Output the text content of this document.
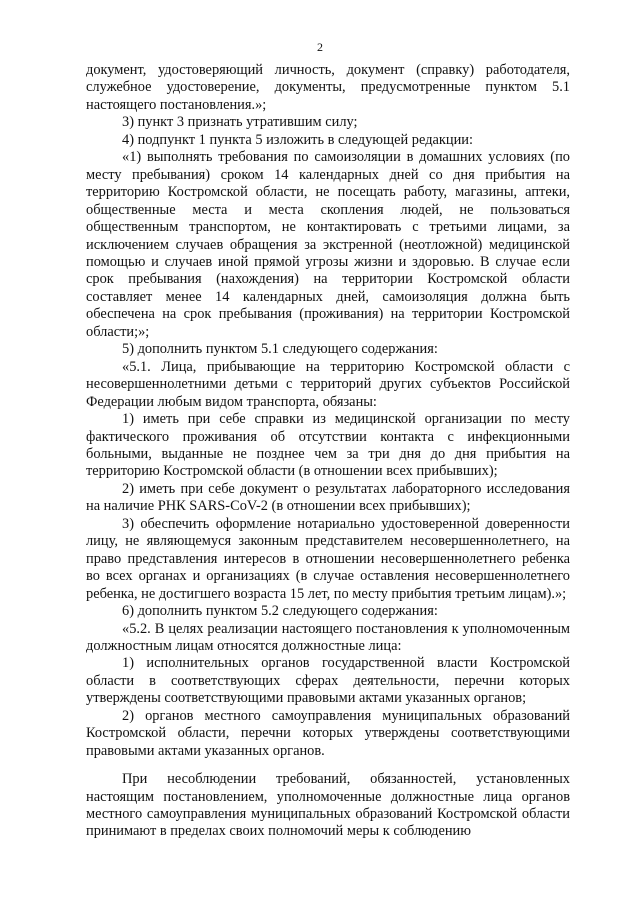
2

документ, удостоверяющий личность, документ (справку) работодателя, служебное удостоверение, документы, предусмотренные пунктом 5.1 настоящего постановления.»;

3) пункт 3 признать утратившим силу;

4) подпункт 1 пункта 5 изложить в следующей редакции:

«1) выполнять требования по самоизоляции в домашних условиях (по месту пребывания) сроком 14 календарных дней со дня прибытия на территорию Костромской области, не посещать работу, магазины, аптеки, общественные места и места скопления людей, не пользоваться общественным транспортом, не контактировать с третьими лицами, за исключением случаев обращения за экстренной (неотложной) медицинской помощью и случаев иной прямой угрозы жизни и здоровью. В случае если срок пребывания (нахождения) на территории Костромской области составляет менее 14 календарных дней, самоизоляция должна быть обеспечена на срок пребывания (проживания) на территории Костромской области;»;

5) дополнить пунктом 5.1 следующего содержания:

«5.1. Лица, прибывающие на территорию Костромской области с несовершеннолетними детьми с территорий других субъектов Российской Федерации любым видом транспорта, обязаны:

1) иметь при себе справки из медицинской организации по месту фактического проживания об отсутствии контакта с инфекционными больными, выданные не позднее чем за три дня до дня прибытия на территорию Костромской области (в отношении всех прибывших);

2) иметь при себе документ о результатах лабораторного исследования на наличие РНК SARS-CoV-2 (в отношении всех прибывших);

3) обеспечить оформление нотариально удостоверенной доверенности лицу, не являющемуся законным представителем несовершеннолетнего, на право представления интересов в отношении несовершеннолетнего ребенка во всех органах и организациях (в случае оставления несовершеннолетнего ребенка, не достигшего возраста 15 лет, по месту прибытия третьим лицам).»;

6) дополнить пунктом 5.2 следующего содержания:

«5.2. В целях реализации настоящего постановления к уполномоченным должностным лицам относятся должностные лица:

1) исполнительных органов государственной власти Костромской области в соответствующих сферах деятельности, перечни которых утверждены соответствующими правовыми актами указанных органов;

2) органов местного самоуправления муниципальных образований Костромской области, перечни которых утверждены соответствующими правовыми актами указанных органов.

При несоблюдении требований, обязанностей, установленных настоящим постановлением, уполномоченные должностные лица органов местного самоуправления муниципальных образований Костромской области принимают в пределах своих полномочий меры к соблюдению
